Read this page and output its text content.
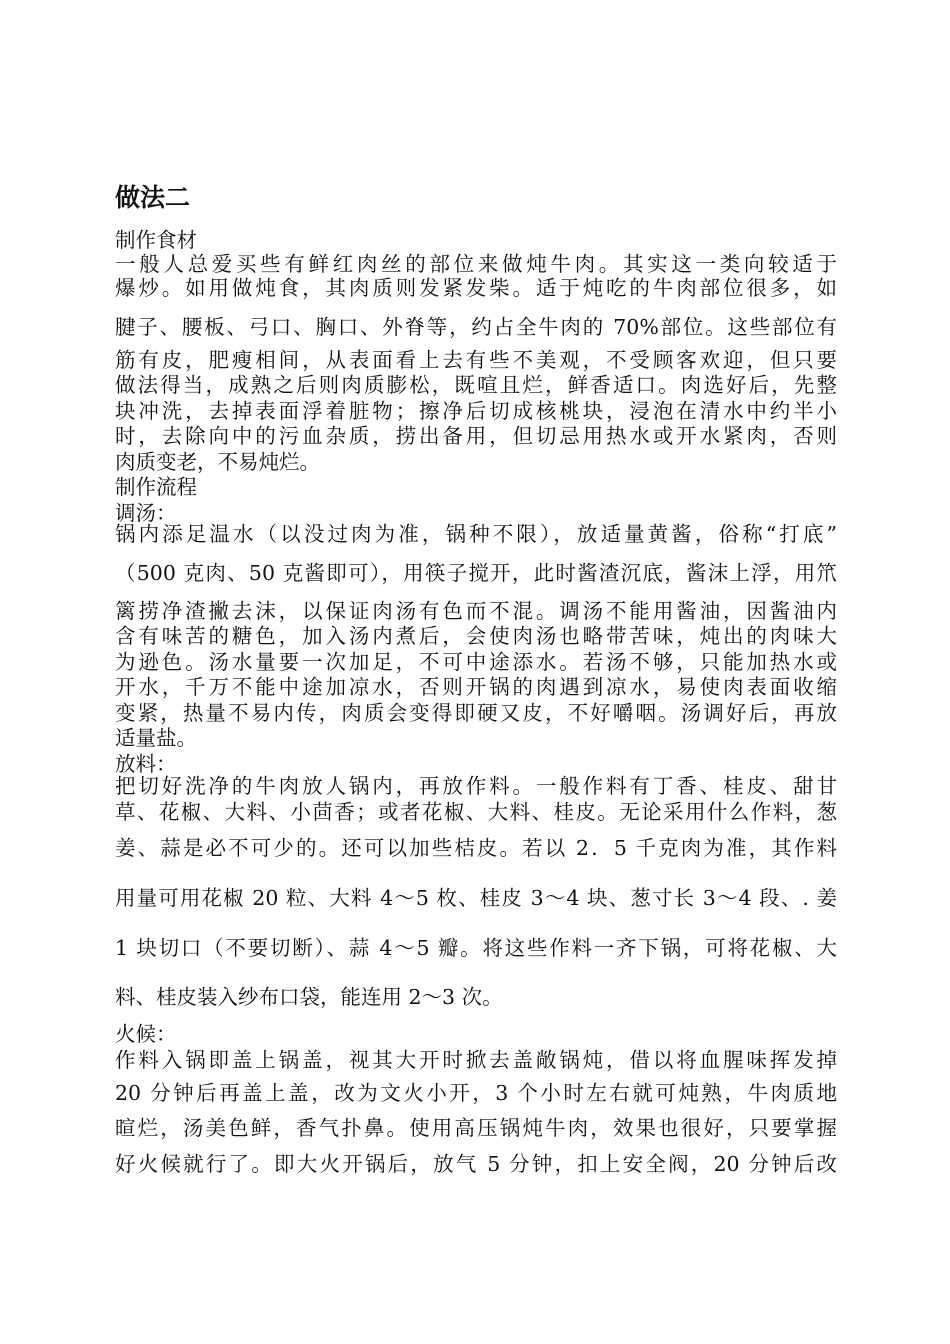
做法二
制作食材
一般人总爱买些有鲜红肉丝的部位来做炖牛肉。其实这一类向较适于
爆炒。如用做炖食，其肉质则发紧发柴。适于炖吃的牛肉部位很多，如
腱子、腰板、弓口、胸口、外脊等，约占全牛肉的 70%部位。这些部位有
筋有皮，肥瘦相间，从表面看上去有些不美观，不受顾客欢迎，但只要
做法得当，成熟之后则肉质膨松，既喧且烂，鲜香适口。肉选好后，先整
块冲洗，去掉表面浮着脏物；擦净后切成核桃块，浸泡在清水中约半小
时，去除向中的污血杂质，捞出备用，但切忌用热水或开水紧肉，否则
肉质变老，不易炖烂。
制作流程
调汤：
锅内添足温水（以没过肉为准，锅种不限），放适量黄酱，俗称“打底”
（500 克肉、50 克酱即可），用筷子搅开，此时酱渣沉底，酱沫上浮，用笊
篱捞净渣撇去沫，以保证肉汤有色而不混。调汤不能用酱油，因酱油内
含有味苦的糖色，加入汤内煮后，会使肉汤也略带苦味，炖出的肉味大
为逊色。汤水量要一次加足，不可中途添水。若汤不够，只能加热水或
开水，千万不能中途加凉水，否则开锅的肉遇到凉水，易使肉表面收缩
变紧，热量不易内传，肉质会变得即硬又皮，不好嚼咽。汤调好后，再放
适量盐。
放料：
把切好洗净的牛肉放人锅内，再放作料。一般作料有丁香、桂皮、甜甘
草、花椒、大料、小茴香；或者花椒、大料、桂皮。无论采用什么作料，葱
姜、蒜是必不可少的。还可以加些桔皮。若以 2．5 千克肉为准，其作料
用量可用花椒 20 粒、大料 4～5 枚、桂皮 3～4 块、葱寸长 3～4 段、. 姜
1 块切口（不要切断）、蒜 4～5 瓣。将这些作料一齐下锅，可将花椒、大
料、桂皮装入纱布口袋，能连用 2～3 次。
火候：
作料入锅即盖上锅盖，视其大开时掀去盖敞锅炖，借以将血腥味挥发掉
20 分钟后再盖上盖，改为文火小开，3 个小时左右就可炖熟，牛肉质地
暄烂，汤美色鲜，香气扑鼻。使用高压锅炖牛肉，效果也很好，只要掌握
好火候就行了。即大火开锅后，放气 5 分钟，扣上安全阀，20 分钟后改
